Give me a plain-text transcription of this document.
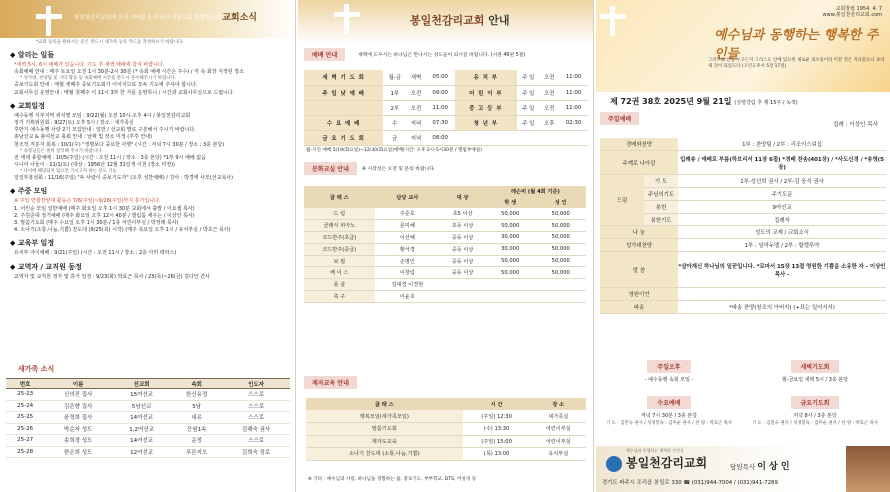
봉일천감리교회에 오신 여러분을 주님의 이름으로 환영합니다. 교회소식
*교회 등록을 원하시는 분은 반드시 새가족 등록 카드를 작성하시기 바랍니다.
◆ 알리는 일들
*새벽 5시, 6시 예배가 있습니다. 기도 후 새벽 예배에 참여 바랍니다.
속회예배 안내 : 매주 토요일 오전 1시 30분-2시 30분 (* 속회 예배 시간은 주수) / 각 속 회장 지정된 장소
* 성가대, 찬양팀 및 기타 활동 등 속회예배 시간을 반드시 준수해주시기 바랍니다.
중보기도회 안내 : 매월 셋째주 중보기도회가 이어지므로 모두 기도에 주셔야 합니다.
교회사무실 운영안내 : 매월 첫째주 서 11시 3부 한 자를 운영하니 / 시간과 교회사무실으로 드립니다.
◆ 교회일정
예수동행 서부지역 위치별 모임 : 9/22(월) 오전 10시-오후 4시 / 봉일천감리교회
정기 기획위원회 : 9/27(토) 오후 5시 / 장소 : 새가족실
후반기 예수동행 사랑 2기 모집안내 : 일반 / 선교회 별로 구분해서 주시기 바랍니다.
총남선교 & 총여선교 총회 안내 : 날짜 및 장소 미정 (추후 안내)
창조적 직분자 회복 : 10/1(수) "생명보다 중요한 사명" (시간 : 저녁 7시 30분 / 장소 : 3층 본당)
* 속장님들은 필히 참석해 주시기 바랍니다.
전 세대 총합예배 : 10/5(주일) (시간 : 오전 11시 / 장소 : 3층 본당) *1부 9시 예배 없음
시니어 나들이 : 11/1(토) (대상 : 1956년 12월 31일생 이전 (장소 미정))
* 나이에 해당되지 않으면 가시고자 하는 분도 가능
일일부흥성회 : 11/16(주일) "두 사람이 중보기도자" (오후 성찬예배) / 강사 : 박경태 사모(선교목사)
◆ 주중 모임
※ 주일 연합찬양대 활동은 7/6(주일)~9/28(주일)까지 휴가입니다.
1. 어린순 모임 일반예배 (매주 화요일 오후 1시 30분 교회에서 출발 / 이요셉 목사)
2. 주원준대 정기예배 (매주 화요일 오후 12시 40분 / 엘림룸 세우는 / 이상인 목사)
3. 말씀기도회 (매주 수요일 오후 1시 30분 / 1층 어린이부실 / 박정래 목사)
4. 소나기(소통,나눔,기쁨) 찬도대 (9/25(목) 시작) (매주 목요일 오후 1시 / 유치부실 / 박효근 목사)
◆ 교육부 일정
유치부 아이예배 : 9/21(주일) (시간 : 오전 11시 / 장소 : 2층 아띄 테라스)
◆ 교역자 / 교직원 동정
교역자 및 교직원 정자 및 휴가 일정 : 9/23(화) 박효근 목사 / 25(목)~26(금) 김다인 간사
새가족 소식
번호	이름	선교회	속회	인도자
25-23	신의진 집사	15여선교	한신유정	스스로
25-24	김은향 집사	5남선교	5남	스스로
25-25	윤정희 집사	14여선교	내유	스스로
25-26	박순자 성도	1,2여선교	등원1속	김해숙 권사
25-27	송희경 성도	14여선교	운정	스스로
25-28	한은희 성도	12여선교	푸른지오	김희숙 장로
봉일천감리교회 안내
예배 안내	새벽에 도우시는 하나님은 만나시는 성도들이 되시길 바랍니다. (시편 46편 5절)
새 벽 기 도 회	월-금	새벽	05:00	유 치 부	주 일	오전	11:00
주 일 낮 예 배	1부	오전	09:00	어 린 이 부	주 일	오전	11:00
	2부	오전	11:00	중 고 등 부	주 일	오전	11:00
수 요 예 배	수	저녁	07:30	청 년 부	주 일	오후	02:30
금 요 기 도 회	금	저녁	08:00				
월-시진 예배 5/19(화요일)~12/30(화요일)에배(시간: 오후 2시-5시30분 / 엘림부예실)
문화교실 안내	※ 시작성은 오전 및 문의 바랍니다.
클 래 스	담당 교사	대 상	레슨비 (월 4회 기준)	
			학 생	성 인
드 럼	주준호	초5 이상	50,000	50,000
클래식 피아노	문미혜	초등 이상	50,000	50,000
코드반주(초급)	이선혜	중등 이상	30,000	50,000
코드반주(중급)	황서경	중등 이상	30,000	50,000
보 컬	손명인	중등 이상	50,000	50,000
베 이 스	이창림	중등 이상	50,000	50,000
풋 살	김대경 이경현			
축 구	이윤호			
제자교육 안내
클 래 스	시 간	장 소
행복모임(새가족모임)	(주일) 12:30	새가족실
말씀기도회	(수) 13:30	어린이부실
제자도교육	(주일) 15:00	어린이부실
소나기 찬도대 (소통,나눔,기쁨)	(목) 13:00	유치부실
※ 기타 : 예수님의 사랑, 하나님을 경험하는 삶, 중보기도, 부부학교, DTS, 어성경 등
교회창립 1954. 4. 7
www.봉일천감리교회.com
예수님과 동행하는 행복한 주인들
그러므로 만일 누구든지 그리스도 안에 있으면 새로운 피조물이라 이전 것은 지나갔으니 보라 새 것이 되었도다 (고린도후서 5장 17절)
제 72권 38호 2025년 9월 21일 (성령강림 후 제 15주 / 녹색)
주일예배
집례 : 이상인 목사
경배와찬양		1부 : 찬양팀 / 2부 : 리조이스워십
주께로 나아감		입례송 / 예배로 부름(하브리서 11장 6절) *경배 찬송(401장) / *사도신경 / *송영(5장)
드림	기 도	1부-성선희 권사 / 2부-김 웅식 권사
	주님의기도	주기도문
	봉헌	9여선교
	봉헌기도	집례자
나 눔		성도의 교제 / 교회소식
성가대찬양		1부 : 임마누엘 / 2부 : 할렐루야
말 씀		*살아계신 하나님의 일꾼입니다. *로마서 15장 13절 영원한 기쁨을 소유한 자 - 이상인 목사 -
영원이언		
파송		*파송 찬양(창조의 아버지) (+표는 일어서서)
주일오후
- 예수동행 속회 모임 -
새벽기도회
월-금요일 새벽 5시 / 3층 본당
수요예배
저녁 7시 30분 / 3층 본당
기 도 : 김민숙 권사 / 성경봉독 : 김미순 권사 / 찬 양 : 박효근 목사
금요기도회
저녁 8시 / 3층 본당
기 도 : 김민숙 권사 / 성경봉독 : 김미순 권사 / 찬 양 : 박효근 목사
예수님과 동행하는 행복한 주인들
봉일천감리교회	담임목사 이 상 인
경기도 파주시 조리읍 봉일로 330 ☎ (031)944-7004 / (031)941-7289
